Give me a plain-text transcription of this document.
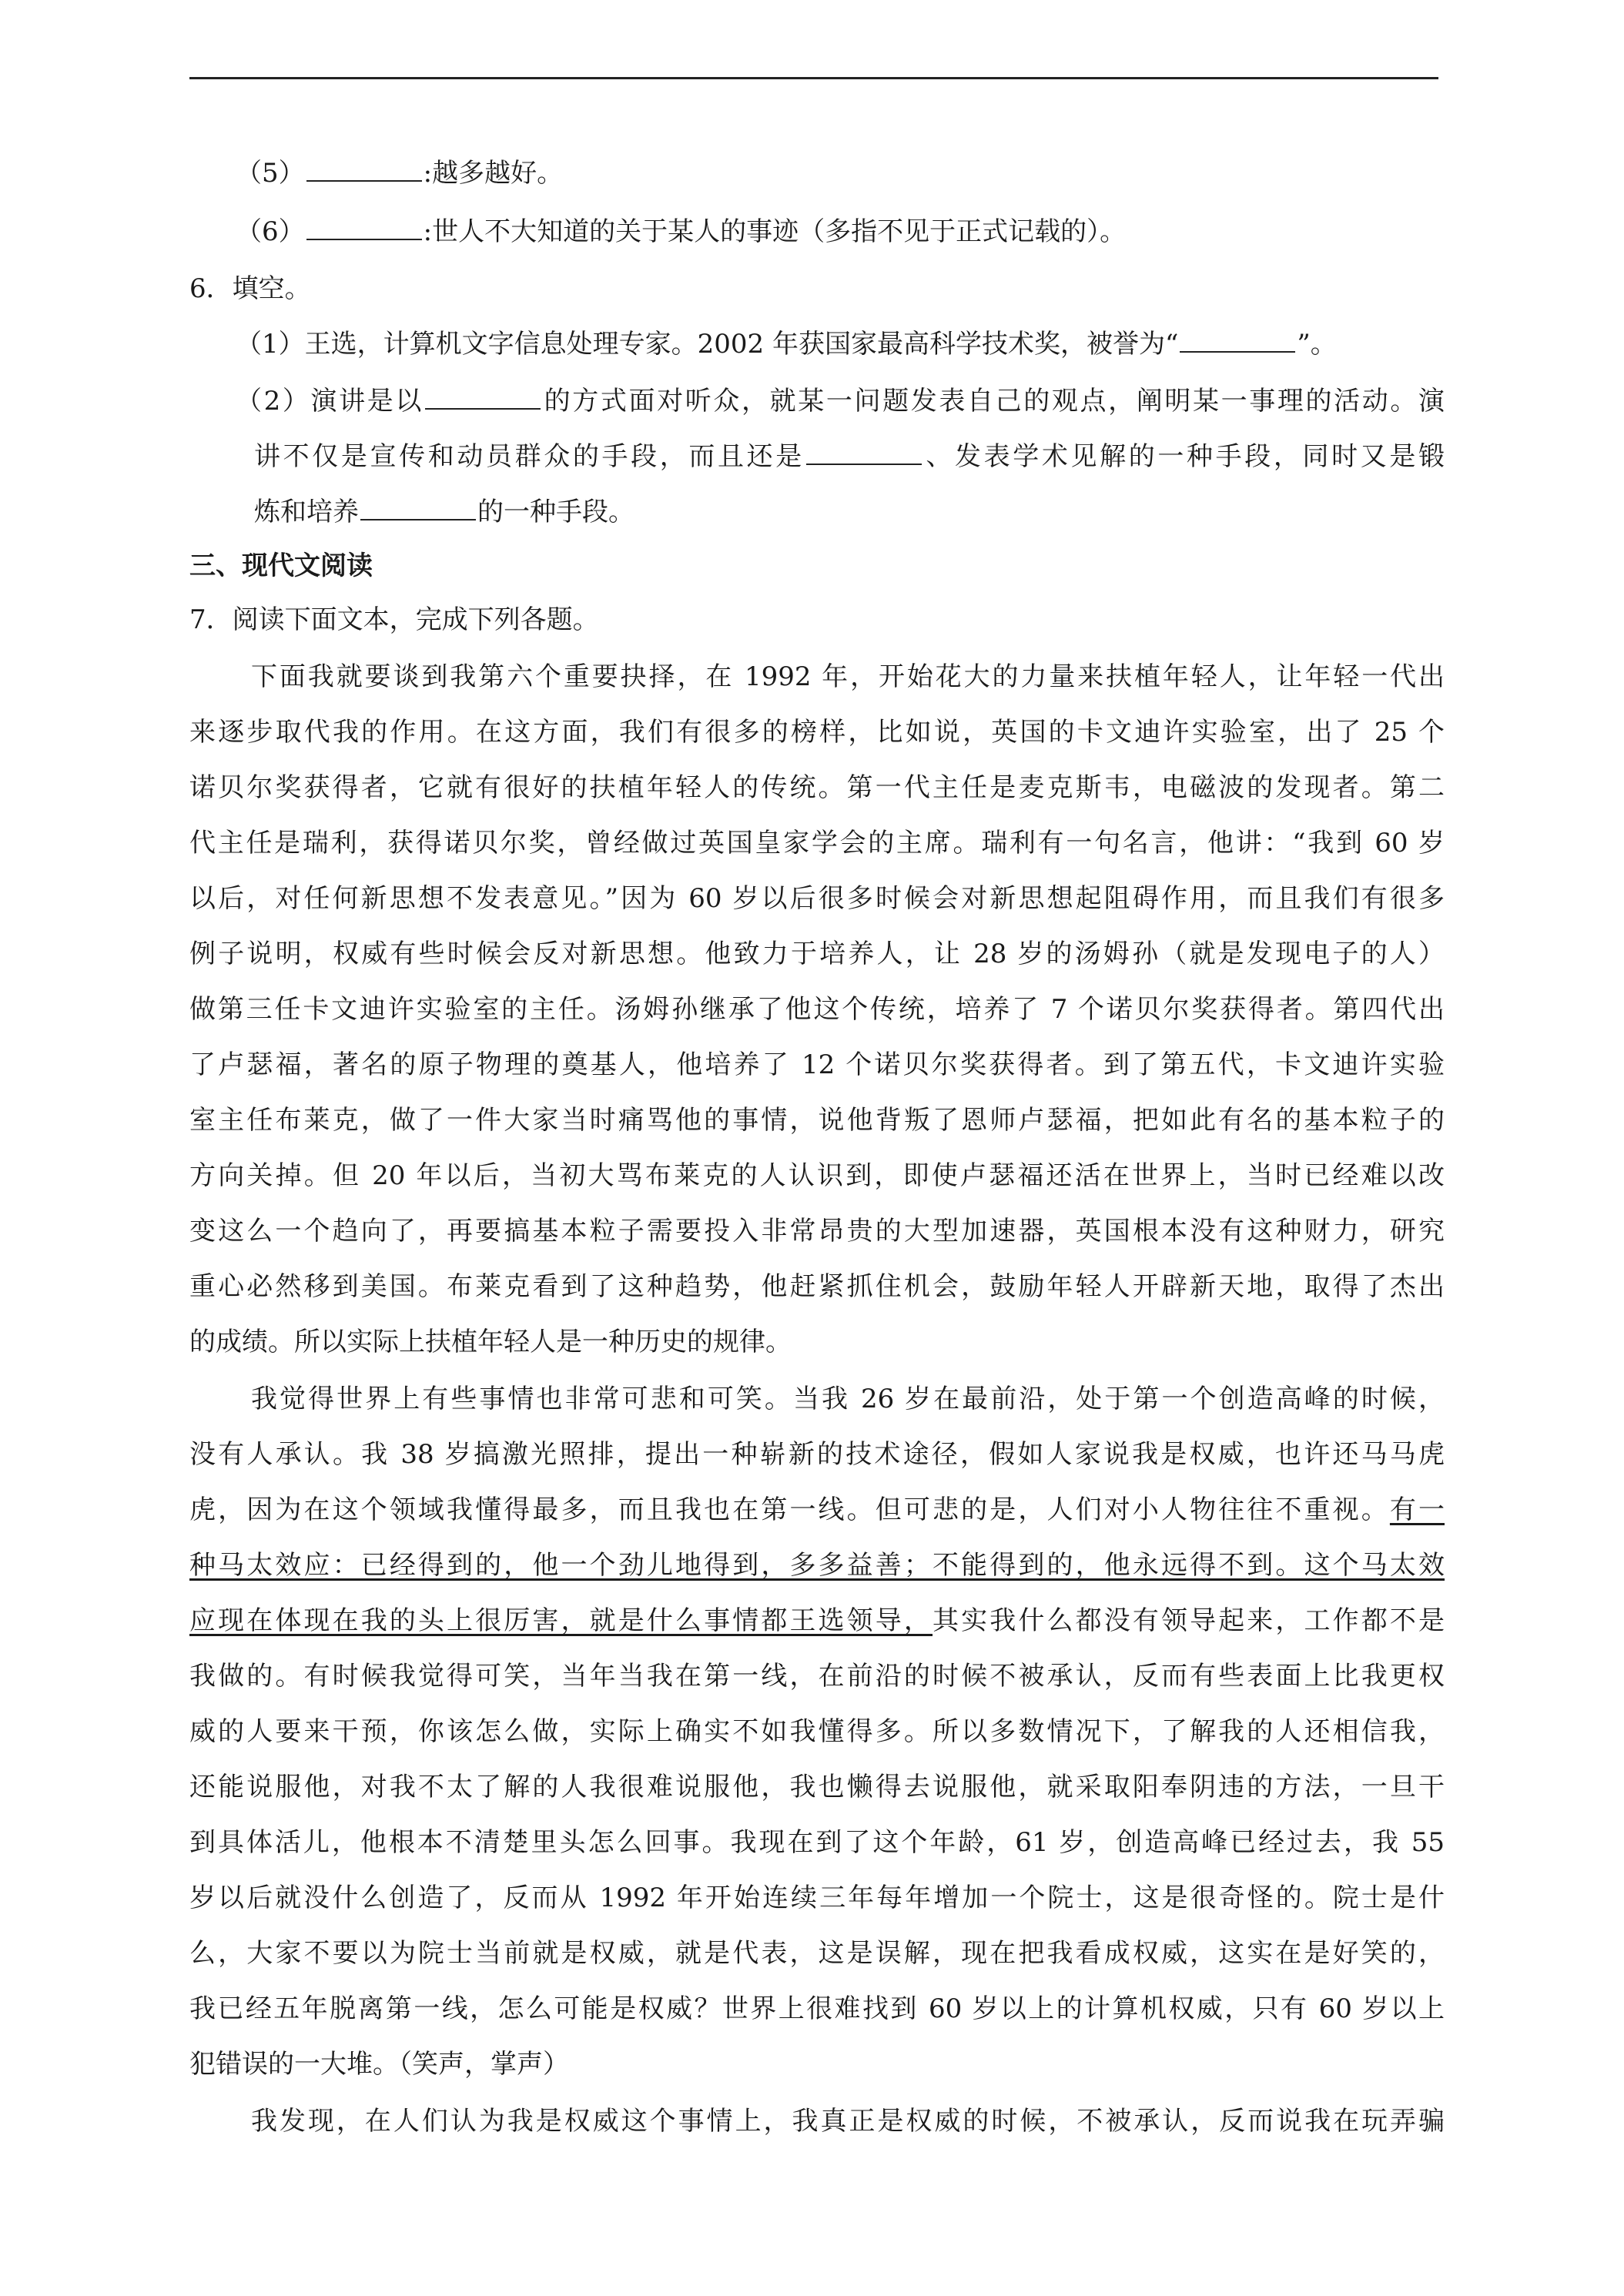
（5）	:越多越好。

（6）	:世人不大知道的关于某人的事迹（多指不见于正式记载的）。

6．填空。

（1）王选，计算机文字信息处理专家。2002 年获国家最高科学技术奖，被誉为“	”。

（2）演讲是以	的方式面对听众，就某一问题发表自己的观点，阐明某一事理的活动。演

讲不仅是宣传和动员群众的手段，而且还是	、发表学术见解的一种手段，同时又是锻

炼和培养	的一种手段。

三、现代文阅读

7．阅读下面文本，完成下列各题。

下面我就要谈到我第六个重要抉择，在 1992 年，开始花大的力量来扶植年轻人，让年轻一代出

来逐步取代我的作用。在这方面，我们有很多的榜样，比如说，英国的卡文迪许实验室，出了 25 个

诺贝尔奖获得者，它就有很好的扶植年轻人的传统。第一代主任是麦克斯韦，电磁波的发现者。第二

代主任是瑞利，获得诺贝尔奖，曾经做过英国皇家学会的主席。瑞利有一句名言，他讲：“我到 60 岁

以后，对任何新思想不发表意见。”因为 60 岁以后很多时候会对新思想起阻碍作用，而且我们有很多

例子说明，权威有些时候会反对新思想。他致力于培养人，让 28 岁的汤姆孙（就是发现电子的人）

做第三任卡文迪许实验室的主任。汤姆孙继承了他这个传统，培养了 7 个诺贝尔奖获得者。第四代出

了卢瑟福，著名的原子物理的奠基人，他培养了 12 个诺贝尔奖获得者。到了第五代，卡文迪许实验

室主任布莱克，做了一件大家当时痛骂他的事情，说他背叛了恩师卢瑟福，把如此有名的基本粒子的

方向关掉。但 20 年以后，当初大骂布莱克的人认识到，即使卢瑟福还活在世界上，当时已经难以改

变这么一个趋向了，再要搞基本粒子需要投入非常昂贵的大型加速器，英国根本没有这种财力，研究

重心必然移到美国。布莱克看到了这种趋势，他赶紧抓住机会，鼓励年轻人开辟新天地，取得了杰出

的成绩。所以实际上扶植年轻人是一种历史的规律。

我觉得世界上有些事情也非常可悲和可笑。当我 26 岁在最前沿，处于第一个创造高峰的时候，

没有人承认。我 38 岁搞激光照排，提出一种崭新的技术途径，假如人家说我是权威，也许还马马虎

虎，因为在这个领域我懂得最多，而且我也在第一线。但可悲的是，人们对小人物往往不重视。有一

种马太效应：已经得到的，他一个劲儿地得到，多多益善；不能得到的，他永远得不到。这个马太效

应现在体现在我的头上很厉害，就是什么事情都王选领导，其实我什么都没有领导起来，工作都不是

我做的。有时候我觉得可笑，当年当我在第一线，在前沿的时候不被承认，反而有些表面上比我更权

威的人要来干预，你该怎么做，实际上确实不如我懂得多。所以多数情况下，了解我的人还相信我，

还能说服他，对我不太了解的人我很难说服他，我也懒得去说服他，就采取阳奉阴违的方法，一旦干

到具体活儿，他根本不清楚里头怎么回事。我现在到了这个年龄，61 岁，创造高峰已经过去，我 55

岁以后就没什么创造了，反而从 1992 年开始连续三年每年增加一个院士，这是很奇怪的。院士是什

么，大家不要以为院士当前就是权威，就是代表，这是误解，现在把我看成权威，这实在是好笑的，

我已经五年脱离第一线，怎么可能是权威？世界上很难找到 60 岁以上的计算机权威，只有 60 岁以上

犯错误的一大堆。（笑声，掌声）

我发现，在人们认为我是权威这个事情上，我真正是权威的时候，不被承认，反而说我在玩弄骗
